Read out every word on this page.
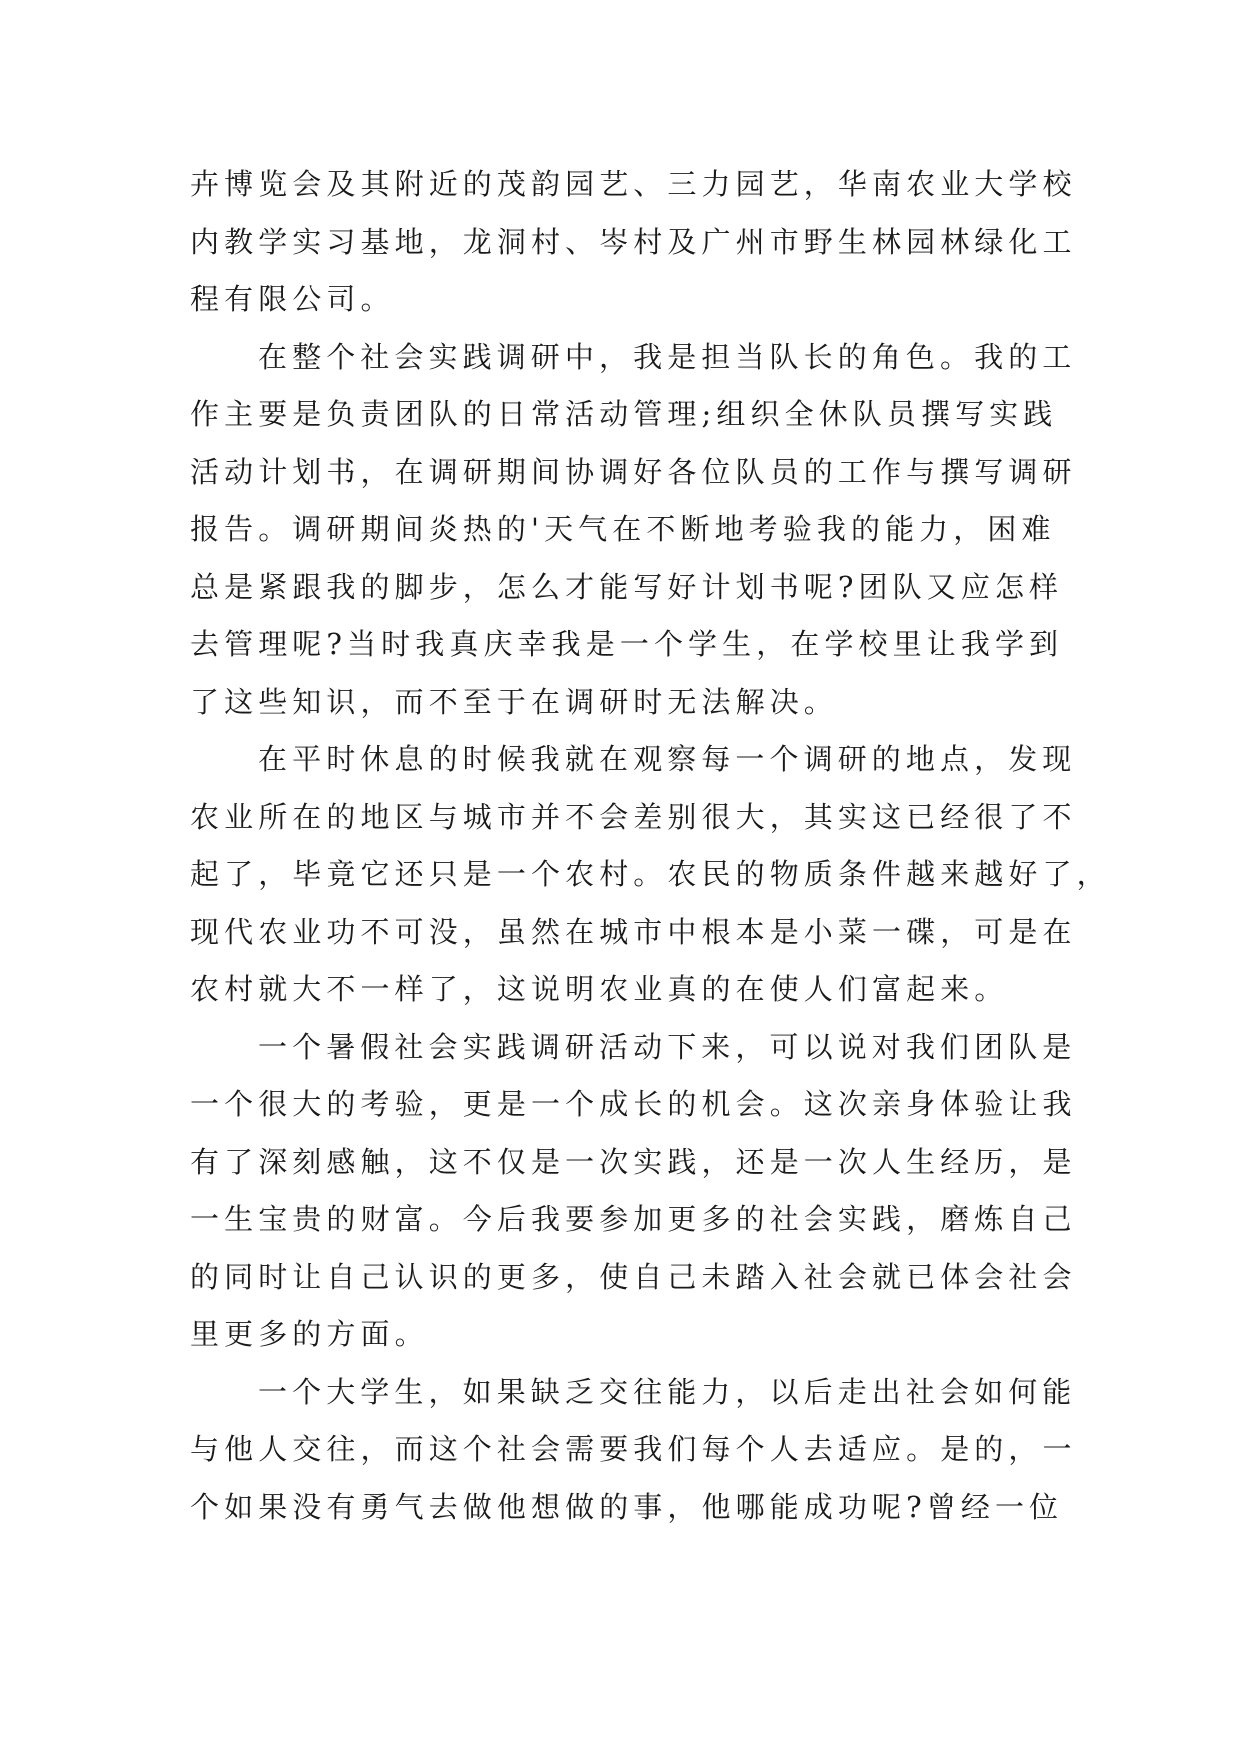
卉博览会及其附近的茂韵园艺、三力园艺，华南农业大学校
内教学实习基地，龙洞村、岑村及广州市野生林园林绿化工
程有限公司。
在整个社会实践调研中，我是担当队长的角色。我的工
作主要是负责团队的日常活动管理;组织全休队员撰写实践
活动计划书，在调研期间协调好各位队员的工作与撰写调研
报告。调研期间炎热的'天气在不断地考验我的能力，困难
总是紧跟我的脚步，怎么才能写好计划书呢?团队又应怎样
去管理呢?当时我真庆幸我是一个学生，在学校里让我学到
了这些知识，而不至于在调研时无法解决。
在平时休息的时候我就在观察每一个调研的地点，发现
农业所在的地区与城市并不会差别很大，其实这已经很了不
起了，毕竟它还只是一个农村。农民的物质条件越来越好了，
现代农业功不可没，虽然在城市中根本是小菜一碟，可是在
农村就大不一样了，这说明农业真的在使人们富起来。
一个暑假社会实践调研活动下来，可以说对我们团队是
一个很大的考验，更是一个成长的机会。这次亲身体验让我
有了深刻感触，这不仅是一次实践，还是一次人生经历，是
一生宝贵的财富。今后我要参加更多的社会实践，磨炼自己
的同时让自己认识的更多，使自己未踏入社会就已体会社会
里更多的方面。
一个大学生，如果缺乏交往能力，以后走出社会如何能
与他人交往，而这个社会需要我们每个人去适应。是的，一
个如果没有勇气去做他想做的事，他哪能成功呢?曾经一位
